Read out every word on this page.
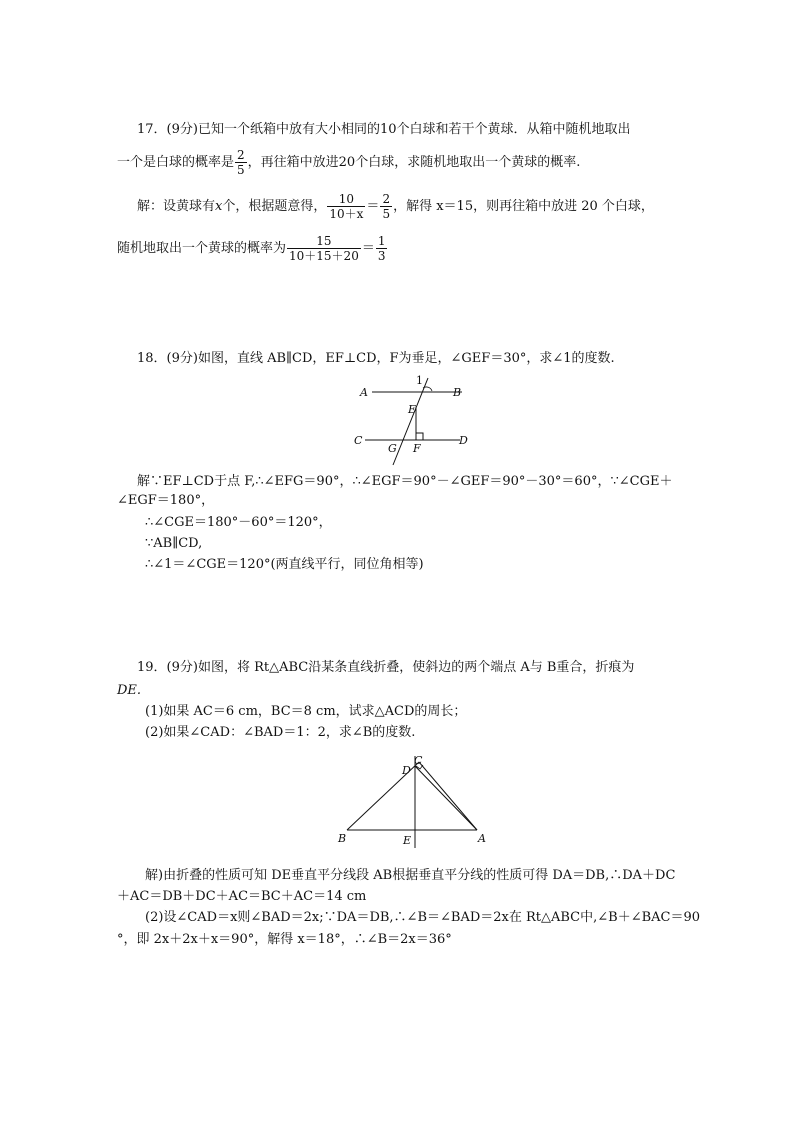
17．(9分)已知一个纸箱中放有大小相同的10个白球和若干个黄球．从箱中随机地取出
一个是白球的概率是 $\frac{2}{5}$ ，再往箱中放进20个白球，求随机地取出一个黄球的概率.
解：设黄球有x个，根据题意得， $\frac{10}{10+x} = \frac{2}{5}$ ，解得 x＝15，则再往箱中放进 20 个白球，
随机地取出一个黄球的概率为 $\frac{15}{10+15+20} = \frac{1}{3}$
18．(9分)如图，直线 AB∥CD，EF⊥CD，F为垂足，∠GEF＝30°，求∠1的度数.
A	B
C	D
E
F
G
1
解∵EF⊥CD于点 F,∴∠EFG＝90°，∴∠EGF＝90°－∠GEF＝90°－30°＝60°，∵∠CGE＋
∠EGF＝180°，
∴∠CGE＝180°－60°＝120°，
∵AB∥CD,
∴∠1＝∠CGE＝120°(两直线平行，同位角相等)
19．(9分)如图，将 Rt△ABC沿某条直线折叠，使斜边的两个端点 A与 B重合，折痕为
DE.
(1)如果 AC＝6 cm，BC＝8 cm，试求△ACD的周长；
(2)如果∠CAD：∠BAD＝1：2，求∠B的度数.
B	A
C
D
E
解)由折叠的性质可知 DE垂直平分线段 AB根据垂直平分线的性质可得 DA＝DB,∴DA＋DC
＋AC＝DB＋DC＋AC＝BC＋AC＝14 cm
(2)设∠CAD＝x则∠BAD＝2x;∵DA＝DB,∴∠B＝∠BAD＝2x在 Rt△ABC中,∠B＋∠BAC＝90
°，即 2x＋2x＋x＝90°，解得 x＝18°，∴∠B＝2x＝36°
